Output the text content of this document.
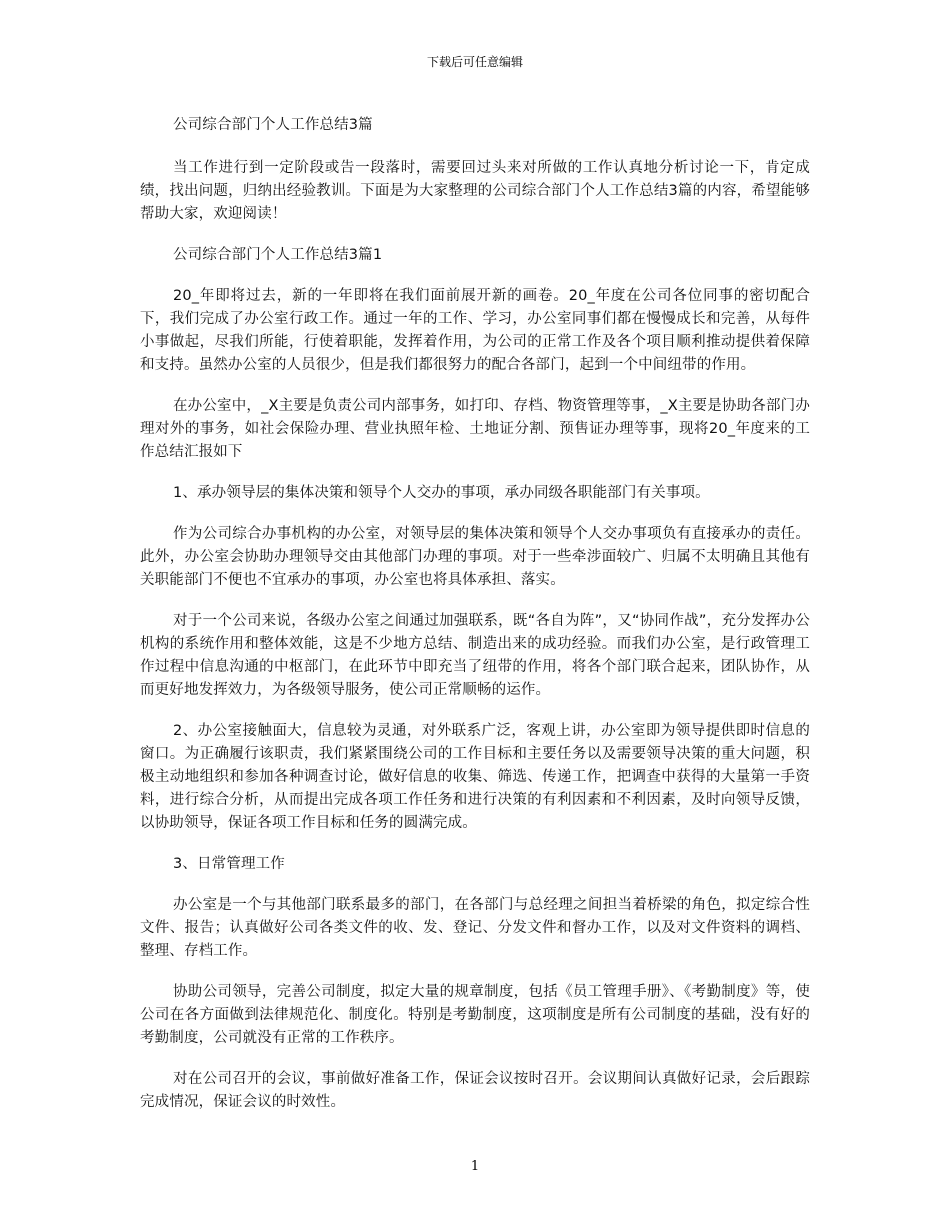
下载后可任意编辑

公司综合部门个人工作总结3篇

当工作进行到一定阶段或告一段落时，需要回过头来对所做的工作认真地分析讨论一下，肯定成绩，找出问题，归纳出经验教训。下面是为大家整理的公司综合部门个人工作总结3篇的内容，希望能够帮助大家，欢迎阅读！

公司综合部门个人工作总结3篇1

20_年即将过去，新的一年即将在我们面前展开新的画卷。20_年度在公司各位同事的密切配合下，我们完成了办公室行政工作。通过一年的工作、学习，办公室同事们都在慢慢成长和完善，从每件小事做起，尽我们所能，行使着职能，发挥着作用，为公司的正常工作及各个项目顺利推动提供着保障和支持。虽然办公室的人员很少，但是我们都很努力的配合各部门，起到一个中间纽带的作用。

在办公室中，_X主要是负责公司内部事务，如打印、存档、物资管理等事，_X主要是协助各部门办理对外的事务，如社会保险办理、营业执照年检、土地证分割、预售证办理等事，现将20_年度来的工作总结汇报如下

1、承办领导层的集体决策和领导个人交办的事项，承办同级各职能部门有关事项。

作为公司综合办事机构的办公室，对领导层的集体决策和领导个人交办事项负有直接承办的责任。此外，办公室会协助办理领导交由其他部门办理的事项。对于一些牵涉面较广、归属不太明确且其他有关职能部门不便也不宜承办的事项，办公室也将具体承担、落实。

对于一个公司来说，各级办公室之间通过加强联系，既“各自为阵”，又“协同作战”，充分发挥办公机构的系统作用和整体效能，这是不少地方总结、制造出来的成功经验。而我们办公室，是行政管理工作过程中信息沟通的中枢部门，在此环节中即充当了纽带的作用，将各个部门联合起来，团队协作，从而更好地发挥效力，为各级领导服务，使公司正常顺畅的运作。

2、办公室接触面大，信息较为灵通，对外联系广泛，客观上讲，办公室即为领导提供即时信息的窗口。为正确履行该职责，我们紧紧围绕公司的工作目标和主要任务以及需要领导决策的重大问题，积极主动地组织和参加各种调查讨论，做好信息的收集、筛选、传递工作，把调查中获得的大量第一手资料，进行综合分析，从而提出完成各项工作任务和进行决策的有利因素和不利因素，及时向领导反馈，以协助领导，保证各项工作目标和任务的圆满完成。

3、日常管理工作

办公室是一个与其他部门联系最多的部门，在各部门与总经理之间担当着桥梁的角色，拟定综合性文件、报告；认真做好公司各类文件的收、发、登记、分发文件和督办工作，以及对文件资料的调档、整理、存档工作。

协助公司领导，完善公司制度，拟定大量的规章制度，包括《员工管理手册》、《考勤制度》等，使公司在各方面做到法律规范化、制度化。特别是考勤制度，这项制度是所有公司制度的基础，没有好的考勤制度，公司就没有正常的工作秩序。

对在公司召开的会议，事前做好准备工作，保证会议按时召开。会议期间认真做好记录，会后跟踪完成情况，保证会议的时效性。

1
